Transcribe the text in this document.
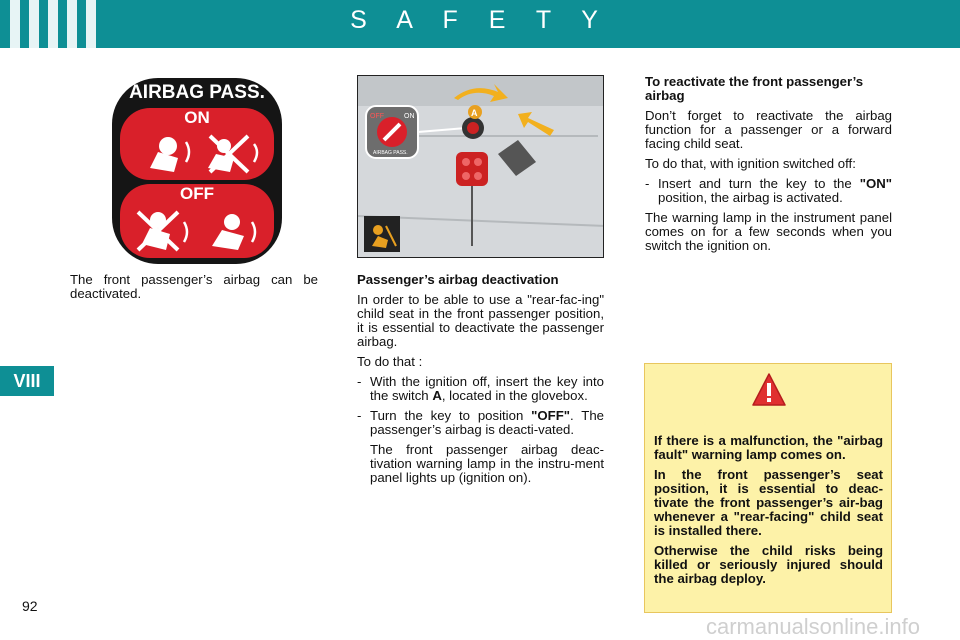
S A F E T Y
VIII
92
AIRBAG PASS.
ON
OFF
OFF	ON
AIRBAG PASS.
A

The front passenger’s airbag can be deactivated.

Passenger’s airbag deactivation

In order to be able to use a "rear-fac-ing" child seat in the front passenger position, it is essential to deactivate the passenger airbag.

To do that :

- With the ignition off, insert the key into the switch A, located in the glovebox.
- Turn the key to position "OFF". The passenger’s airbag is deacti-vated.

The front passenger airbag deac-tivation warning lamp in the instru-ment panel lights up (ignition on).

To reactivate the front passenger’s airbag

Don’t forget to reactivate the airbag function for a passenger or a forward facing child seat.

To do that, with ignition switched off:

- Insert and turn the key to the "ON" position, the airbag is activated.

The warning lamp in the instrument panel comes on for a few seconds when you switch the ignition on.

If there is a malfunction, the "airbag fault" warning lamp comes on.

In the front passenger’s seat position, it is essential to deac-tivate the front passenger’s air-bag whenever a "rear-facing" child seat is installed there.

Otherwise the child risks being killed or seriously injured should the airbag deploy.

carmanualsonline.info
